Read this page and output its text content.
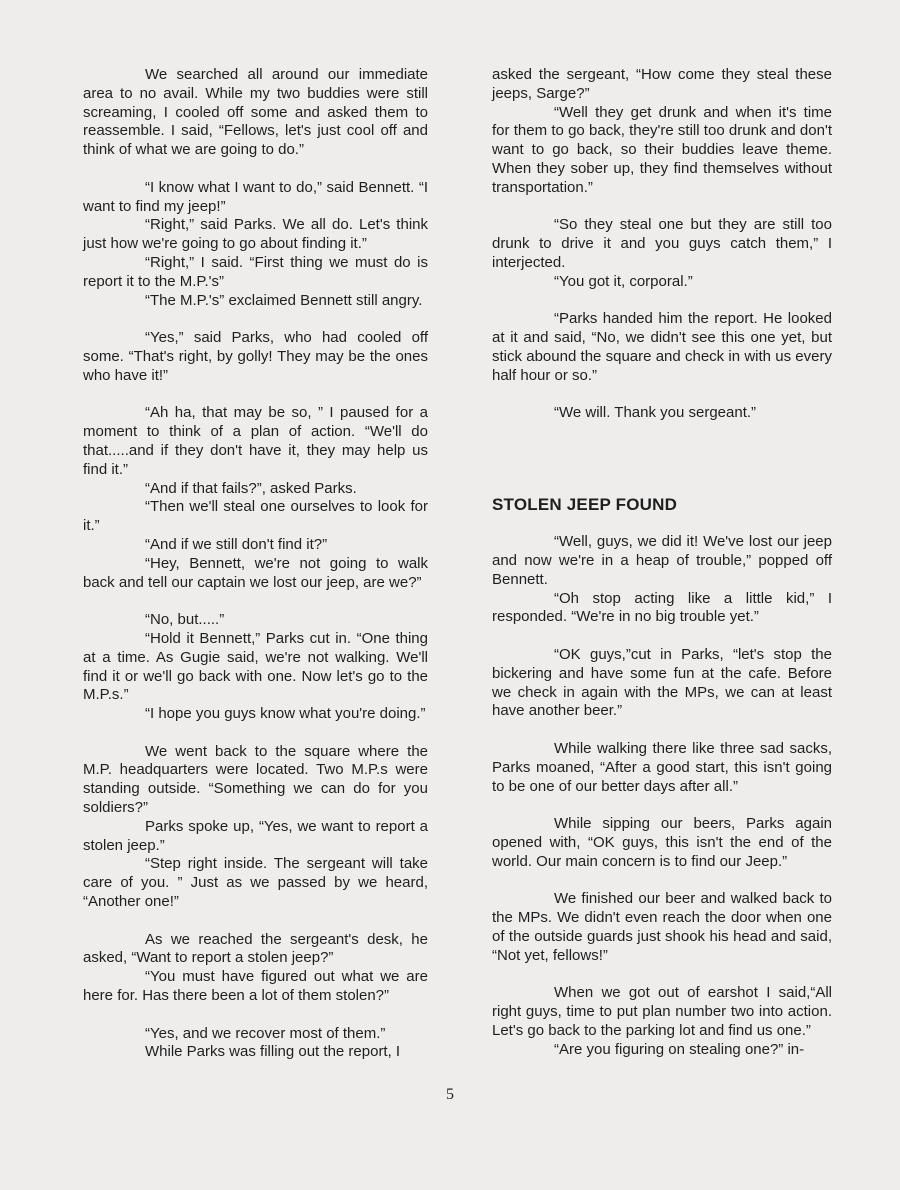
We searched all around our immediate area to no avail. While my two buddies were still screaming, I cooled off some and asked them to reassemble. I said, “Fellows, let's just cool off and think of what we are going to do.”

“I know what I want to do,” said Bennett. “I want to find my jeep!”

“Right,” said Parks. We all do. Let's think just how we're going to go about finding it.”

“Right,” I said. “First thing we must do is report it to the M.P.'s”

“The M.P.'s” exclaimed Bennett still angry.

“Yes,” said Parks, who had cooled off some. “That's right, by golly! They may be the ones who have it!”

“Ah ha, that may be so, ” I paused for a moment to think of a plan of action. “We'll do that.....and if they don't have it, they may help us find it.”

“And if that fails?”, asked Parks.

“Then we'll steal one ourselves to look for it.”

“And if we still don't find it?”

“Hey, Bennett, we're not going to walk back and tell our captain we lost our jeep, are we?”

“No, but.....”

“Hold it Bennett,” Parks cut in. “One thing at a time. As Gugie said, we're not walking. We'll find it or we'll go back with one. Now let's go to the M.P.s.”

“I hope you guys know what you're doing.”

We went back to the square where the M.P. headquarters were located. Two M.P.s were standing outside. “Something we can do for you soldiers?”

Parks spoke up, “Yes, we want to report a stolen jeep.”

“Step right inside. The sergeant will take care of you. ” Just as we passed by we heard, “Another one!”

As we reached the sergeant's desk, he asked, “Want to report a stolen jeep?”

“You must have figured out what we are here for. Has there been a lot of them stolen?”

“Yes, and we recover most of them.”

While Parks was filling out the report, I

asked the sergeant, “How come they steal these jeeps, Sarge?”

“Well they get drunk and when it's time for them to go back, they're still too drunk and don't want to go back, so their buddies leave theme. When they sober up, they find themselves without transportation.”

“So they steal one but they are still too drunk to drive it and you guys catch them,” I interjected.

“You got it, corporal.”

“Parks handed him the report. He looked at it and said, “No, we didn't see this one yet, but stick abound the square and check in with us every half hour or so.”

“We will. Thank you sergeant.”

STOLEN JEEP FOUND

“Well, guys, we did it! We've lost our jeep and now we're in a heap of trouble,” popped off Bennett.

“Oh stop acting like a little kid,” I responded. “We're in no big trouble yet.”

“OK guys,”cut in Parks, “let's stop the bickering and have some fun at the cafe. Before we check in again with the MPs, we can at least have another beer.”

While walking there like three sad sacks, Parks moaned, “After a good start, this isn't going to be one of our better days after all.”

While sipping our beers, Parks again opened with, “OK guys, this isn't the end of the world. Our main concern is to find our Jeep.”

We finished our beer and walked back to the MPs. We didn't even reach the door when one of the outside guards just shook his head and said, “Not yet, fellows!”

When we got out of earshot I said,“All right guys, time to put plan number two into action. Let's go back to the parking lot and find us one.”

“Are you figuring on stealing one?” in-

5
